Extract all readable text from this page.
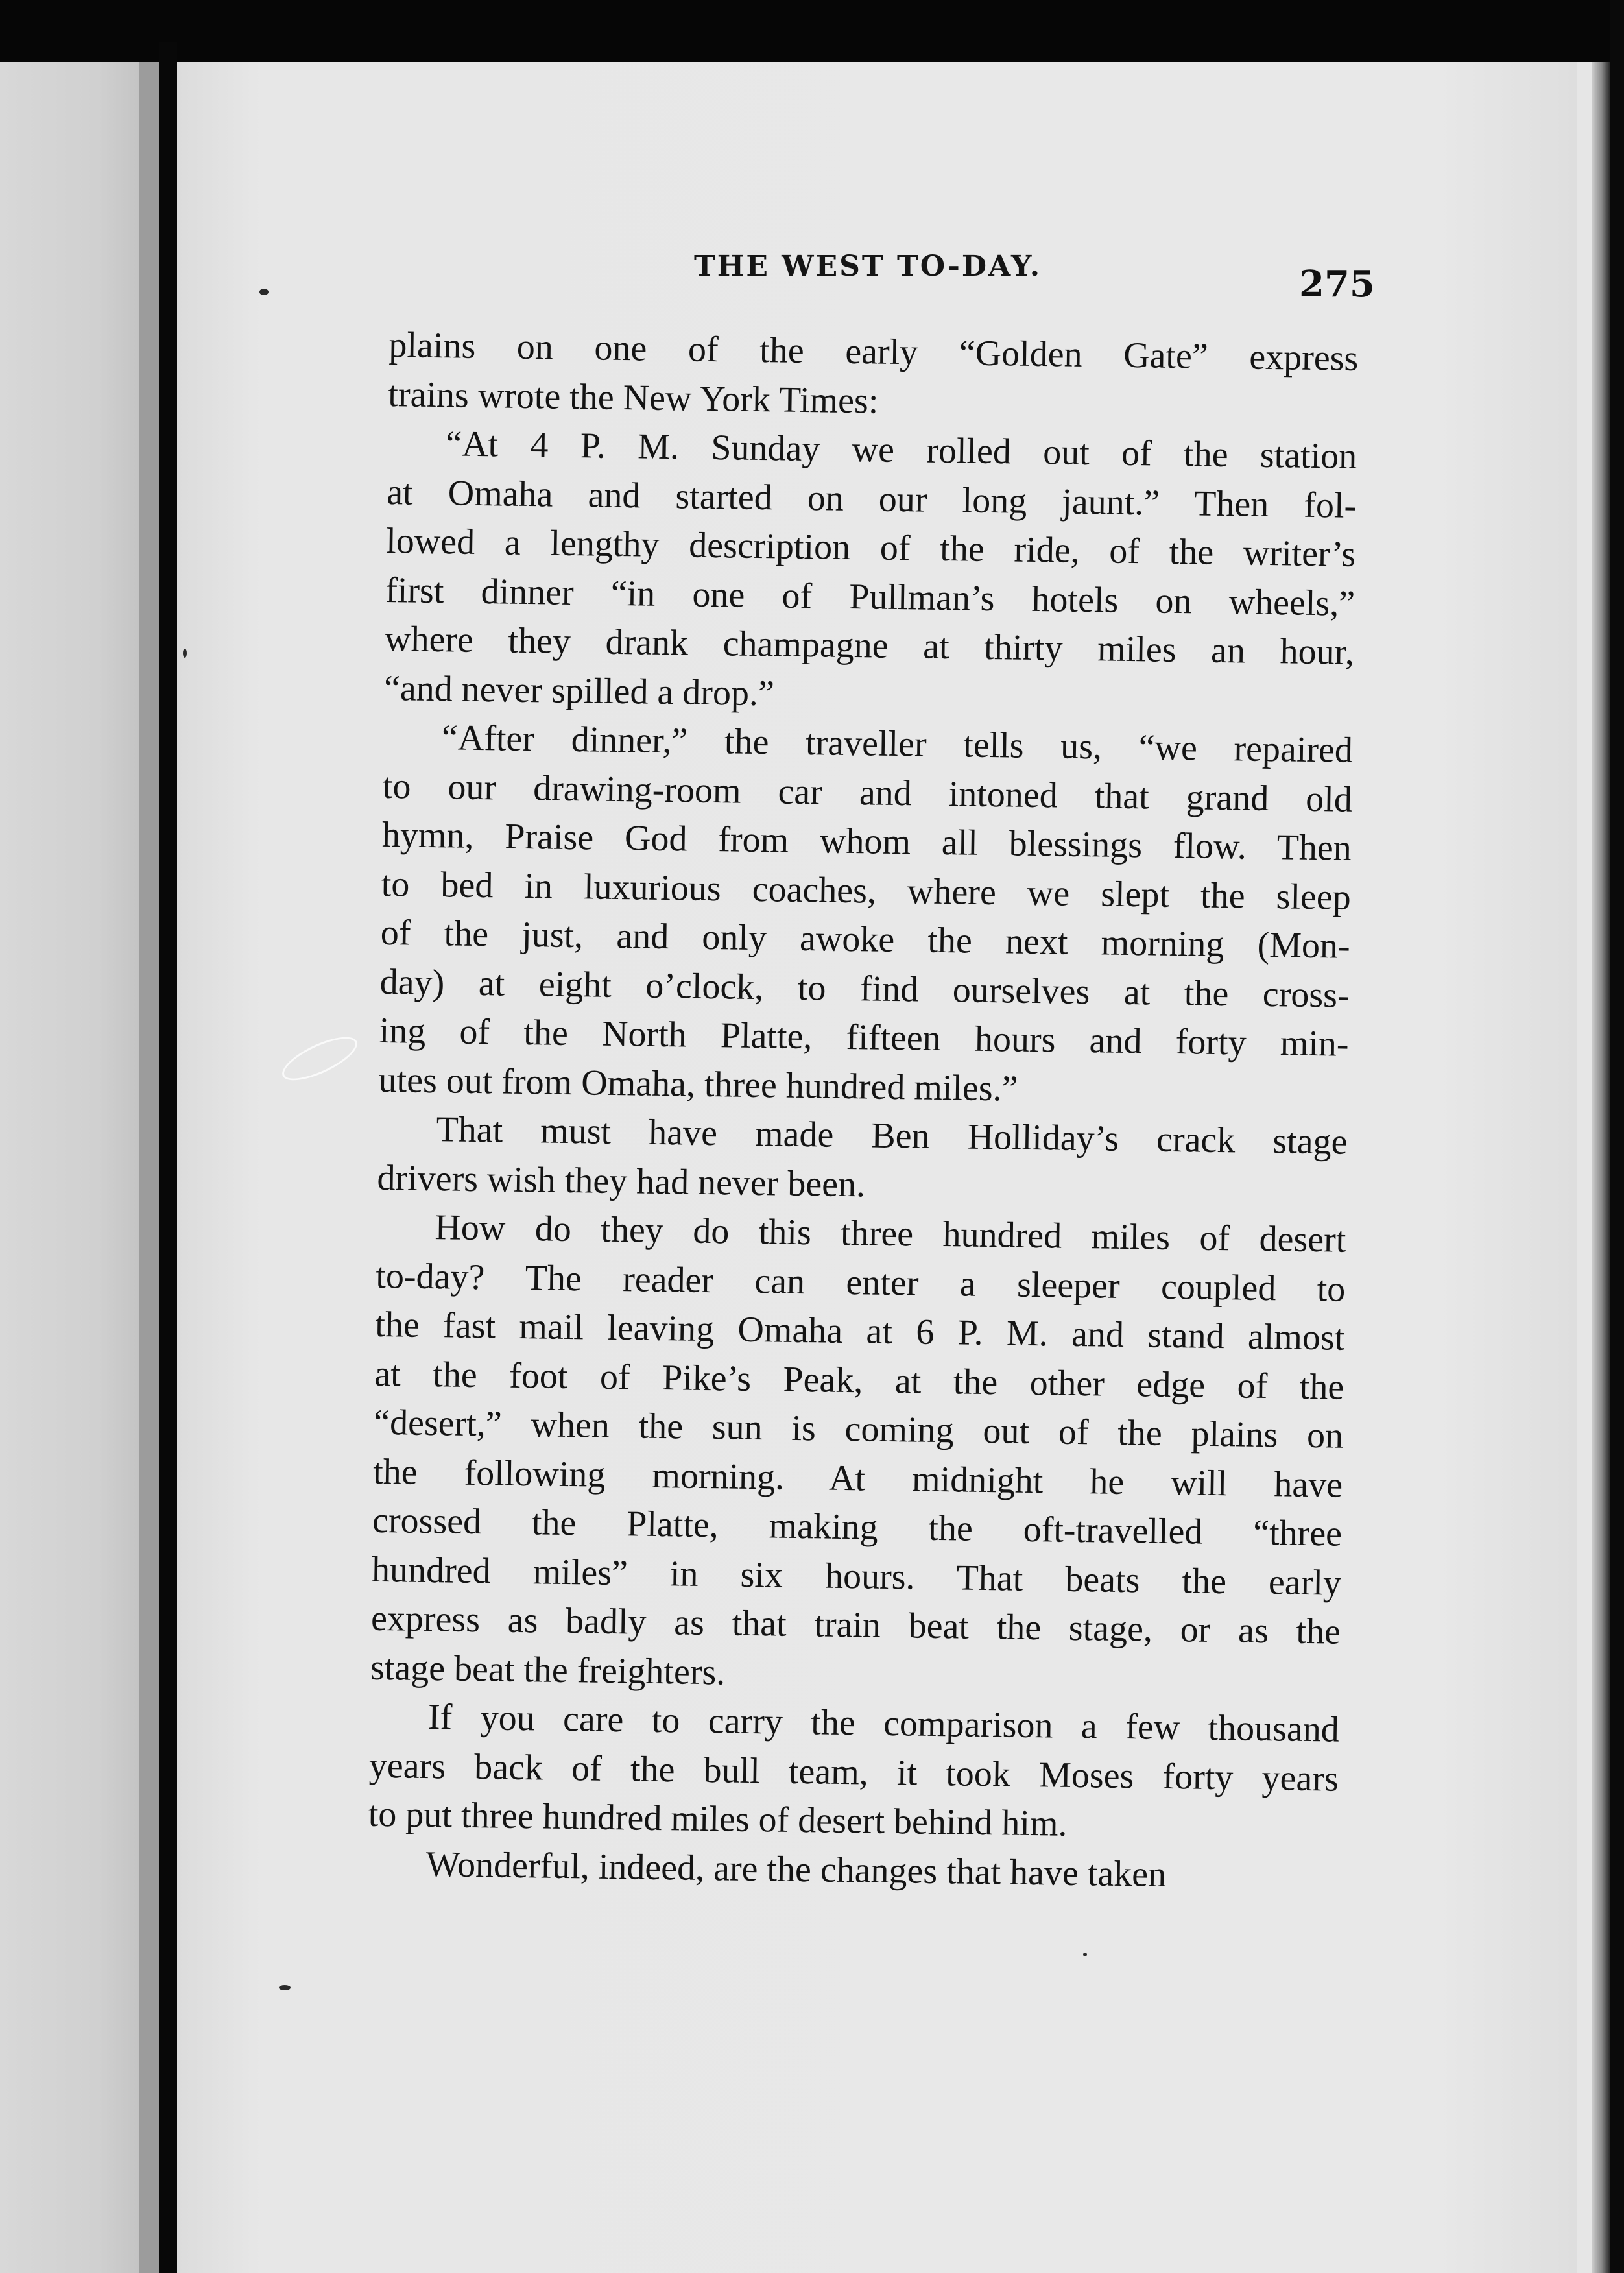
THE WEST TO-DAY.	275
plains on one of the early “Golden Gate” express
trains wrote the New York Times:
“At 4 P. M. Sunday we rolled out of the station
at Omaha and started on our long jaunt.” Then fol-
lowed a lengthy description of the ride, of the writer’s
first dinner “in one of Pullman’s hotels on wheels,”
where they drank champagne at thirty miles an hour,
“and never spilled a drop.”
“After dinner,” the traveller tells us, “we repaired
to our drawing-room car and intoned that grand old
hymn, Praise God from whom all blessings flow. Then
to bed in luxurious coaches, where we slept the sleep
of the just, and only awoke the next morning (Mon-
day) at eight o’clock, to find ourselves at the cross-
ing of the North Platte, fifteen hours and forty min-
utes out from Omaha, three hundred miles.”
That must have made Ben Holliday’s crack stage
drivers wish they had never been.
How do they do this three hundred miles of desert
to-day? The reader can enter a sleeper coupled to
the fast mail leaving Omaha at 6 P. M. and stand almost
at the foot of Pike’s Peak, at the other edge of the
“desert,” when the sun is coming out of the plains on
the following morning. At midnight he will have
crossed the Platte, making the oft-travelled “three
hundred miles” in six hours. That beats the early
express as badly as that train beat the stage, or as the
stage beat the freighters.
If you care to carry the comparison a few thousand
years back of the bull team, it took Moses forty years
to put three hundred miles of desert behind him.
Wonderful, indeed, are the changes that have taken
